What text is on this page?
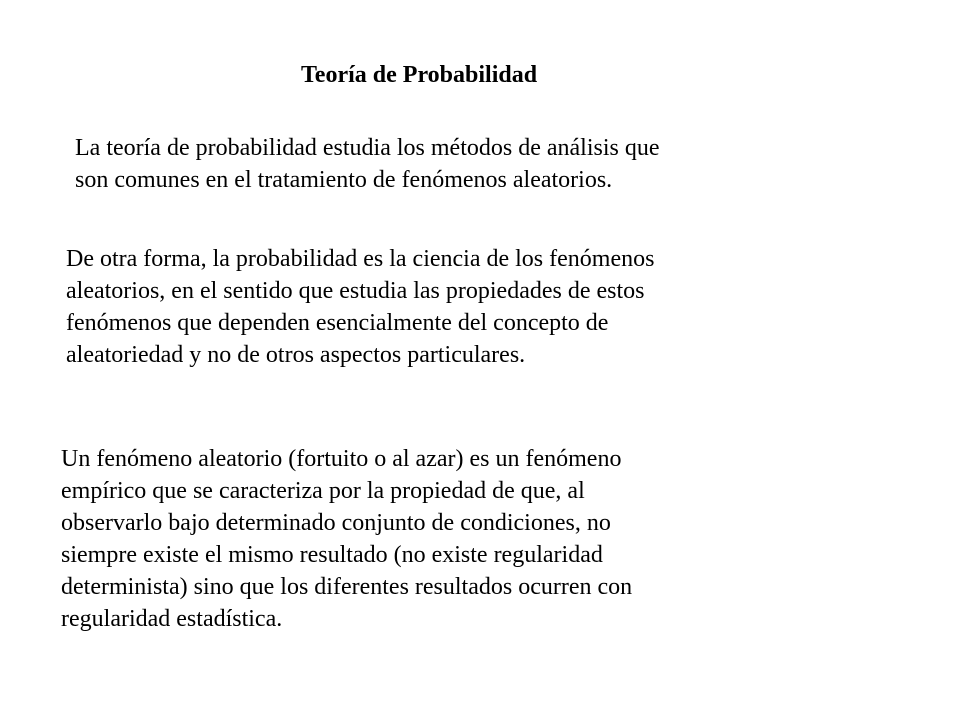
Teoría de Probabilidad

La teoría de probabilidad estudia los métodos de análisis que
son comunes en el tratamiento de fenómenos aleatorios.

De otra forma, la probabilidad es la ciencia de los fenómenos
aleatorios, en el sentido que estudia las propiedades de estos
fenómenos que dependen esencialmente del concepto de
aleatoriedad y no de otros aspectos particulares.

Un fenómeno aleatorio (fortuito o al azar) es un fenómeno
empírico que se caracteriza por la propiedad de que, al
observarlo bajo determinado conjunto de condiciones, no
siempre existe el mismo resultado (no existe regularidad
determinista) sino que los diferentes resultados ocurren con
regularidad estadística.
